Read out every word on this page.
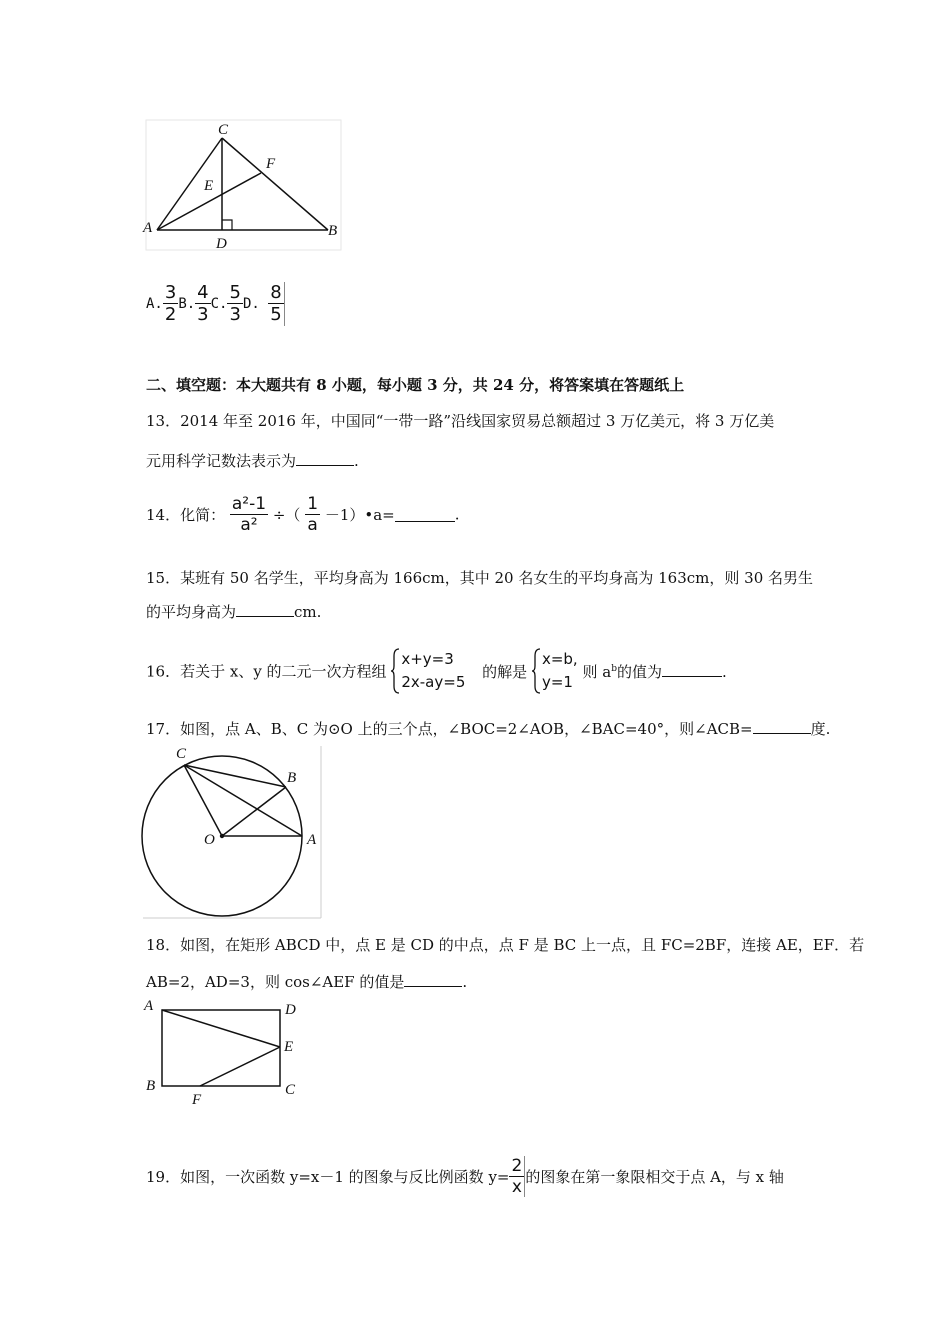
C
F
E
A
D
B
A. $\frac{3}{2} B$. $\frac{4}{3} C$. $\frac{5}{3} D$. $\frac{8}{5}$
二、填空题：本大题共有 8 小题，每小题 3 分，共 24 分，将答案填在答题纸上
13．2014 年至 2016 年，中国同“一带一路”沿线国家贸易总额超过 3 万亿美元，将 3 万亿美
元用科学记数法表示为	.
14．化简： $\frac{\text{a²-1}}{\text{a²}}$ ÷（ $\frac{1}{a}$ －1）•a=	.
15．某班有 50 名学生，平均身高为 166cm，其中 20 名女生的平均身高为 163cm，则 30 名男生
的平均身高为	cm.
16．若关于 x、y 的二元一次方程组
x+y=3
2x-ay=5
的解是
x=b,
y=1
则 $a^b$的值为	.
17．如图，点 A、B、C 为⊙O 上的三个点，∠BOC=2∠AOB，∠BAC=40°，则∠ACB=	度.
C
B
O	A
18．如图，在矩形 ABCD 中，点 E 是 CD 的中点，点 F 是 BC 上一点，且 FC=2BF，连接 AE，EF．若
AB=2，AD=3，则 cos∠AEF 的值是	.
A	D
E
B
F
C
19．如图，一次函数 y=x－1 的图象与反比例函数 $y= \frac{2}{x}$ 的图象在第一象限相交于点 A，与 x 轴
